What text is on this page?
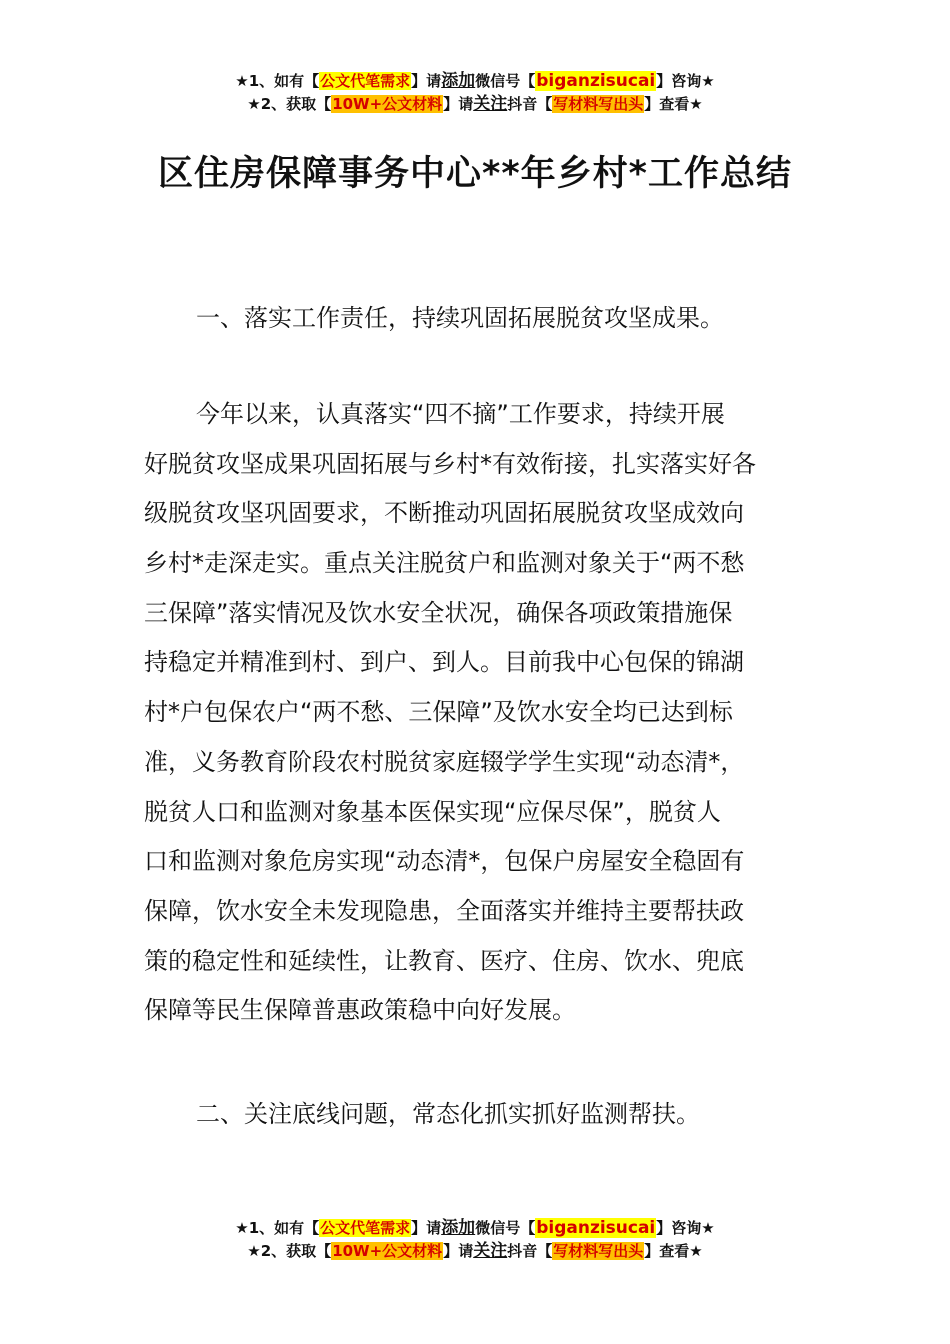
★1、如有【公文代笔需求】请添加微信号【biganzisucai】咨询★
★2、获取【10W+公文材料】请关注抖音【写材料写出头】查看★
区住房保障事务中心**年乡村*工作总结
一、落实工作责任，持续巩固拓展脱贫攻坚成果。
今年以来，认真落实“四不摘”工作要求，持续开展
好脱贫攻坚成果巩固拓展与乡村*有效衔接，扎实落实好各
级脱贫攻坚巩固要求，不断推动巩固拓展脱贫攻坚成效向
乡村*走深走实。重点关注脱贫户和监测对象关于“两不愁
三保障”落实情况及饮水安全状况，确保各项政策措施保
持稳定并精准到村、到户、到人。目前我中心包保的锦湖
村*户包保农户“两不愁、三保障”及饮水安全均已达到标
准，义务教育阶段农村脱贫家庭辍学学生实现“动态清*，
脱贫人口和监测对象基本医保实现“应保尽保”，脱贫人
口和监测对象危房实现“动态清*，包保户房屋安全稳固有
保障，饮水安全未发现隐患，全面落实并维持主要帮扶政
策的稳定性和延续性，让教育、医疗、住房、饮水、兜底
保障等民生保障普惠政策稳中向好发展。
二、关注底线问题，常态化抓实抓好监测帮扶。
★1、如有【公文代笔需求】请添加微信号【biganzisucai】咨询★
★2、获取【10W+公文材料】请关注抖音【写材料写出头】查看★
